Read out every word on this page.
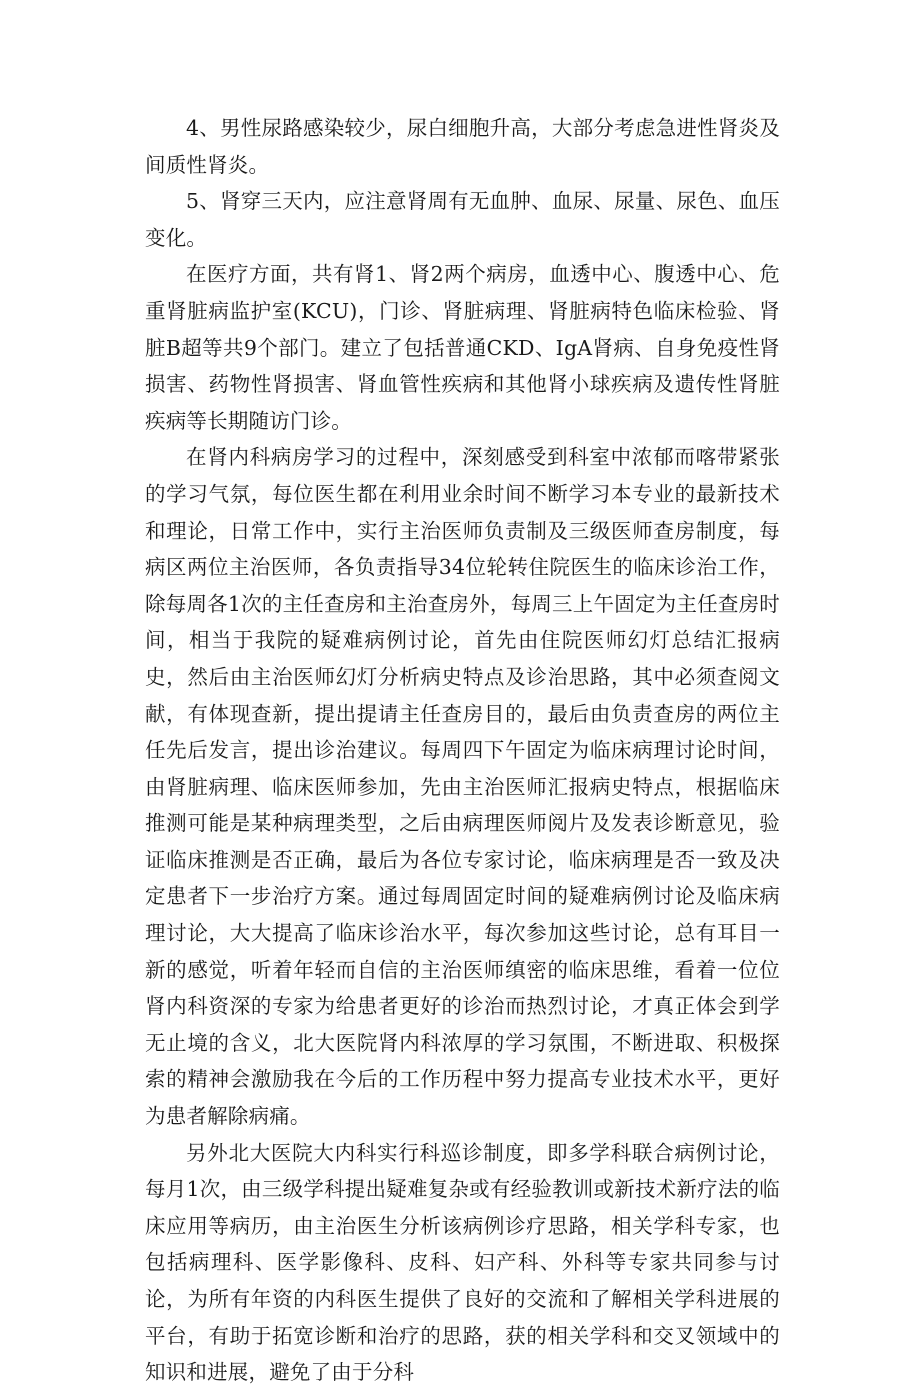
4、男性尿路感染较少，尿白细胞升高，大部分考虑急进性肾炎及间质性肾炎。

5、肾穿三天内，应注意肾周有无血肿、血尿、尿量、尿色、血压变化。

在医疗方面，共有肾1、肾2两个病房，血透中心、腹透中心、危重肾脏病监护室(KCU)，门诊、肾脏病理、肾脏病特色临床检验、肾脏B超等共9个部门。建立了包括普通CKD、IgA肾病、自身免疫性肾损害、药物性肾损害、肾血管性疾病和其他肾小球疾病及遗传性肾脏疾病等长期随访门诊。

在肾内科病房学习的过程中，深刻感受到科室中浓郁而喀带紧张的学习气氛，每位医生都在利用业余时间不断学习本专业的最新技术和理论，日常工作中，实行主治医师负责制及三级医师查房制度，每病区两位主治医师，各负责指导34位轮转住院医生的临床诊治工作，除每周各1次的主任查房和主治查房外，每周三上午固定为主任查房时间，相当于我院的疑难病例讨论，首先由住院医师幻灯总结汇报病史，然后由主治医师幻灯分析病史特点及诊治思路，其中必须查阅文献，有体现查新，提出提请主任查房目的，最后由负责查房的两位主任先后发言，提出诊治建议。每周四下午固定为临床病理讨论时间，由肾脏病理、临床医师参加，先由主治医师汇报病史特点，根据临床推测可能是某种病理类型，之后由病理医师阅片及发表诊断意见，验证临床推测是否正确，最后为各位专家讨论，临床病理是否一致及决定患者下一步治疗方案。通过每周固定时间的疑难病例讨论及临床病理讨论，大大提高了临床诊治水平，每次参加这些讨论，总有耳目一新的感觉，听着年轻而自信的主治医师缜密的临床思维，看着一位位肾内科资深的专家为给患者更好的诊治而热烈讨论，才真正体会到学无止境的含义，北大医院肾内科浓厚的学习氛围，不断进取、积极探索的精神会激励我在今后的工作历程中努力提高专业技术水平，更好为患者解除病痛。

另外北大医院大内科实行科巡诊制度，即多学科联合病例讨论，每月1次，由三级学科提出疑难复杂或有经验教训或新技术新疗法的临床应用等病历，由主治医生分析该病例诊疗思路，相关学科专家，也包括病理科、医学影像科、皮科、妇产科、外科等专家共同参与讨论，为所有年资的内科医生提供了良好的交流和了解相关学科进展的平台，有助于拓宽诊断和治疗的思路，获的相关学科和交叉领域中的知识和进展，避免了由于分科
